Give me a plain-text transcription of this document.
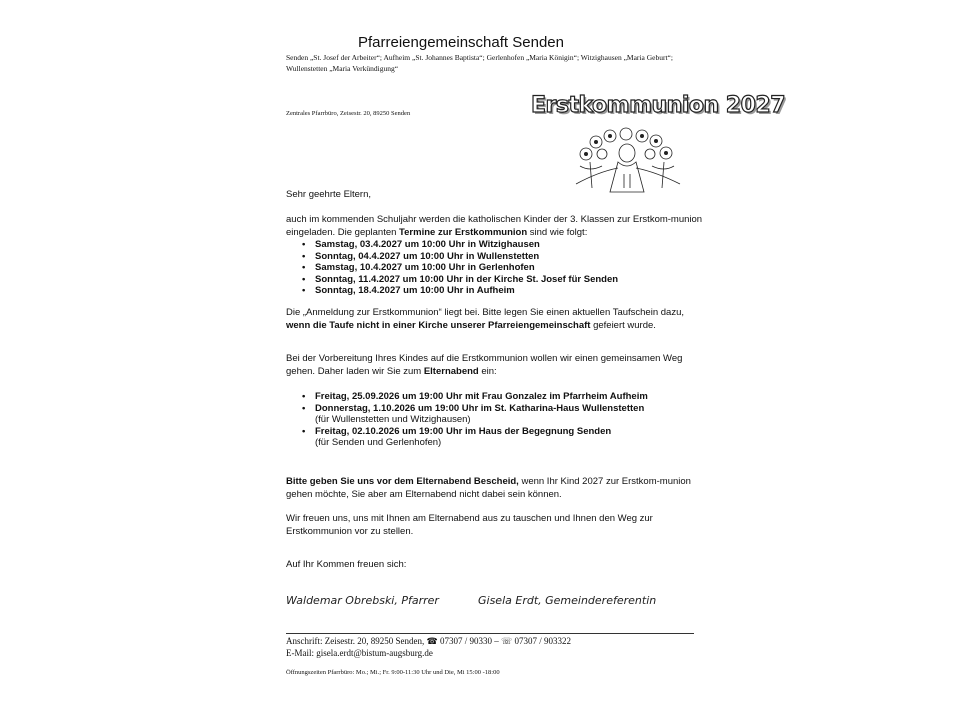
Pfarreiengemeinschaft Senden
Senden „St. Josef der Arbeiter“; Aufheim „St. Johannes Baptista“; Gerlenhofen „Maria Königin“; Witzighausen „Maria Geburt“; Wullenstetten „Maria Verkündigung“
Zentrales Pfarrbüro, Zeisestr. 20, 89250 Senden	Erstkommunion 2027
Sehr geehrte Eltern,
auch im kommenden Schuljahr werden die katholischen Kinder der 3. Klassen zur Erstkom-munion eingeladen. Die geplanten Termine zur Erstkommunion sind wie folgt:
• Samstag, 03.4.2027 um 10:00 Uhr in Witzighausen
• Sonntag, 04.4.2027 um 10:00 Uhr in Wullenstetten
• Samstag, 10.4.2027 um 10:00 Uhr in Gerlenhofen
• Sonntag, 11.4.2027 um 10:00 Uhr in der Kirche St. Josef für Senden
• Sonntag, 18.4.2027 um 10:00 Uhr in Aufheim
Die „Anmeldung zur Erstkommunion“ liegt bei. Bitte legen Sie einen aktuellen Taufschein dazu, wenn die Taufe nicht in einer Kirche unserer Pfarreiengemeinschaft gefeiert wurde.
Bei der Vorbereitung Ihres Kindes auf die Erstkommunion wollen wir einen gemeinsamen Weg gehen. Daher laden wir Sie zum Elternabend ein:
• Freitag, 25.09.2026 um 19:00 Uhr mit Frau Gonzalez im Pfarrheim Aufheim
• Donnerstag, 1.10.2026 um 19:00 Uhr im St. Katharina-Haus Wullenstetten
(für Wullenstetten und Witzighausen)
• Freitag, 02.10.2026 um 19:00 Uhr im Haus der Begegnung Senden
(für Senden und Gerlenhofen)
Bitte geben Sie uns vor dem Elternabend Bescheid, wenn Ihr Kind 2027 zur Erstkom-munion gehen möchte, Sie aber am Elternabend nicht dabei sein können.
Wir freuen uns, uns mit Ihnen am Elternabend aus zu tauschen und Ihnen den Weg zur Erstkommunion vor zu stellen.
Auf Ihr Kommen freuen sich:
Waldemar Obrebski, Pfarrer	Gisela Erdt, Gemeindereferentin
Anschrift: Zeisestr. 20, 89250 Senden, ☎ 07307 / 90330 – ☏ 07307 / 903322
E-Mail: gisela.erdt@bistum-augsburg.de
Öffnungszeiten Pfarrbüro: Mo.; Mi.; Fr. 9:00-11:30 Uhr und Die, Mi 15:00 -18:00
